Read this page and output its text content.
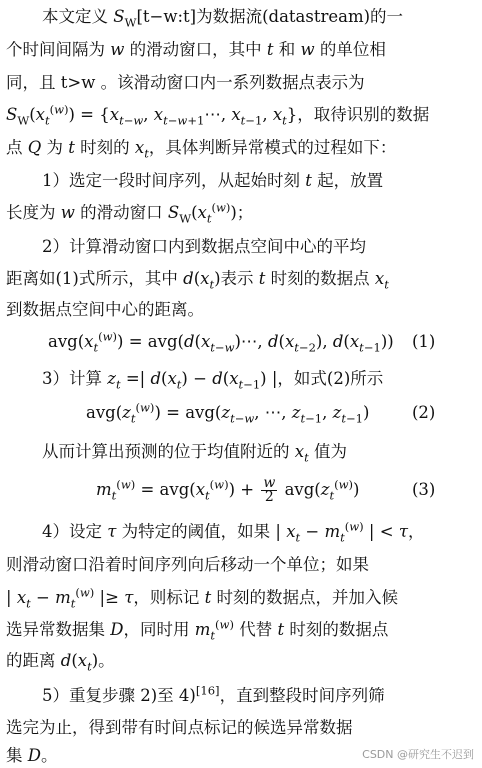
本文定义 $S_W[t-w:t]$为数据流(datastream)的一
个时间间隔为 w 的滑动窗口，其中 t 和 w 的单位相
同，且 t>w 。该滑动窗口内一系列数据点表示为
$S_W(x_t^{(w)}) = \{x_{t-w}$, $x_{t-w+1}\cdots$, $x_{t-1}$, $x_t$}，取待识别的数据
点 Q 为 t 时刻的 $x_t$，具体判断异常模式的过程如下：
1）选定一段时间序列，从起始时刻 t 起，放置
长度为 w 的滑动窗口 $S_W(x_t^{(w)})$；
2）计算滑动窗口内到数据点空间中心的平均
距离如(1)式所示，其中 $d(x_t)$表示 t 时刻的数据点 $x_t$
到数据点空间中心的距离。
$avg(x_t^{(w)})$ = $avg(d(x_{t-w})\cdots$, $d(x_{t-2})$, $d(x_{t-1})$) (1)
3）计算 $z_t$ =| $d(x_t) - d(x_{t-1})$ |，如式(2)所示
$avg(z_t^{(w)}) = avg(z_{t-w}$, ⋯, $z_{t-1}$, $z_{t-1}$)	(2)
从而计算出预测的位于均值附近的 $x_t$ 值为
$m_t^{(w)} = avg(x_t^{(w)}) + \frac{w}{2} avg(z_t^{(w)})$	(3)
4）设定 τ 为特定的阈值，如果 | $x_t - m_t^{(w)}$ | < τ，
则滑动窗口沿着时间序列向后移动一个单位；如果
| $x_t - m_t^{(w)}$ |≥ τ，则标记 t 时刻的数据点，并加入候
选异常数据集 D，同时用 $m_t^{(w)}$ 代替 t 时刻的数据点
的距离 $d(x_t)$。
5）重复步骤 2)至 4)[16]，直到整段时间序列筛
选完为止，得到带有时间点标记的候选异常数据
集 D。	CSDN @研究生不迟到
